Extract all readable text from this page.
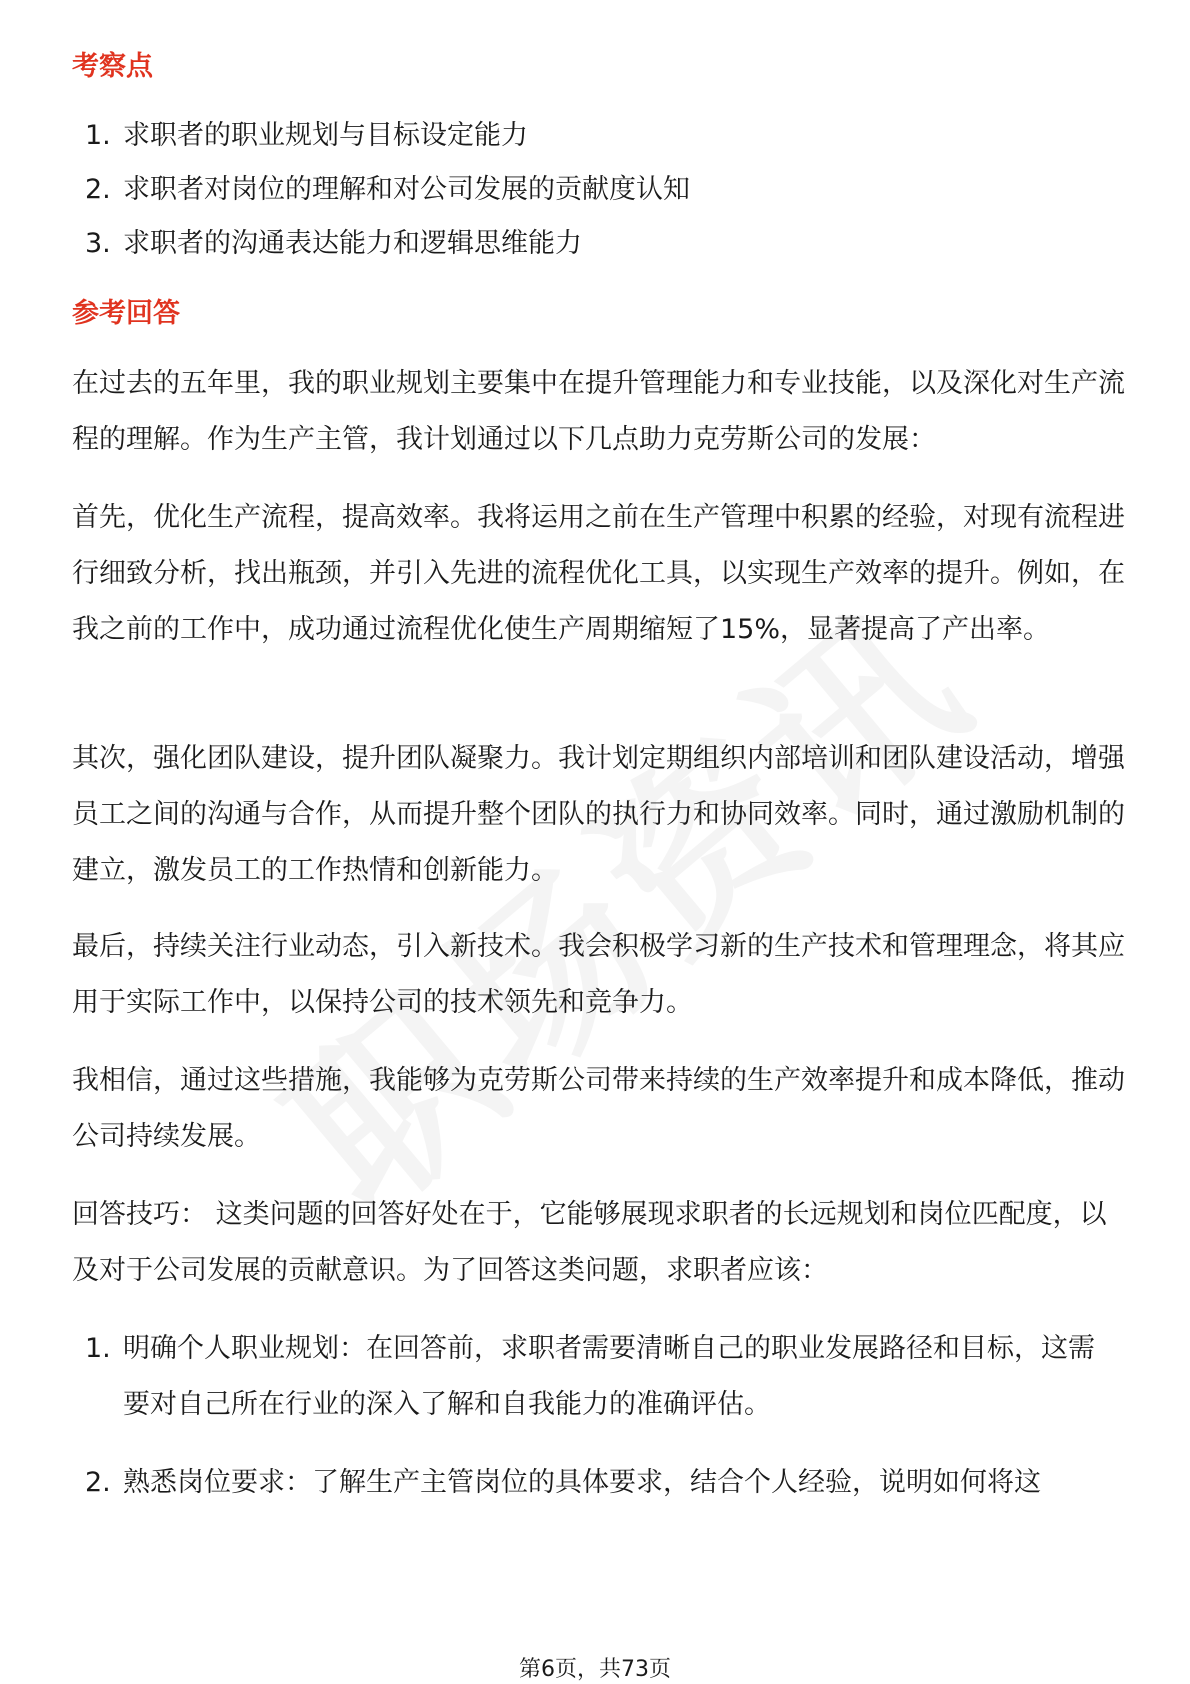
考察点
1. 求职者的职业规划与目标设定能力
2. 求职者对岗位的理解和对公司发展的贡献度认知
3. 求职者的沟通表达能力和逻辑思维能力
参考回答
在过去的五年里，我的职业规划主要集中在提升管理能力和专业技能，以及深化对生产流程的理解。作为生产主管，我计划通过以下几点助力克劳斯公司的发展：
首先，优化生产流程，提高效率。我将运用之前在生产管理中积累的经验，对现有流程进行细致分析，找出瓶颈，并引入先进的流程优化工具，以实现生产效率的提升。例如，在我之前的工作中，成功通过流程优化使生产周期缩短了15%，显著提高了产出率。
其次，强化团队建设，提升团队凝聚力。我计划定期组织内部培训和团队建设活动，增强员工之间的沟通与合作，从而提升整个团队的执行力和协同效率。同时，通过激励机制的建立，激发员工的工作热情和创新能力。
最后，持续关注行业动态，引入新技术。我会积极学习新的生产技术和管理理念，将其应用于实际工作中，以保持公司的技术领先和竞争力。
我相信，通过这些措施，我能够为克劳斯公司带来持续的生产效率提升和成本降低，推动公司持续发展。
回答技巧： 这类问题的回答好处在于，它能够展现求职者的长远规划和岗位匹配度，以及对于公司发展的贡献意识。为了回答这类问题，求职者应该：
1. 明确个人职业规划：在回答前，求职者需要清晰自己的职业发展路径和目标，这需要对自己所在行业的深入了解和自我能力的准确评估。
2. 熟悉岗位要求：了解生产主管岗位的具体要求，结合个人经验，说明如何将这
第6页，共73页
